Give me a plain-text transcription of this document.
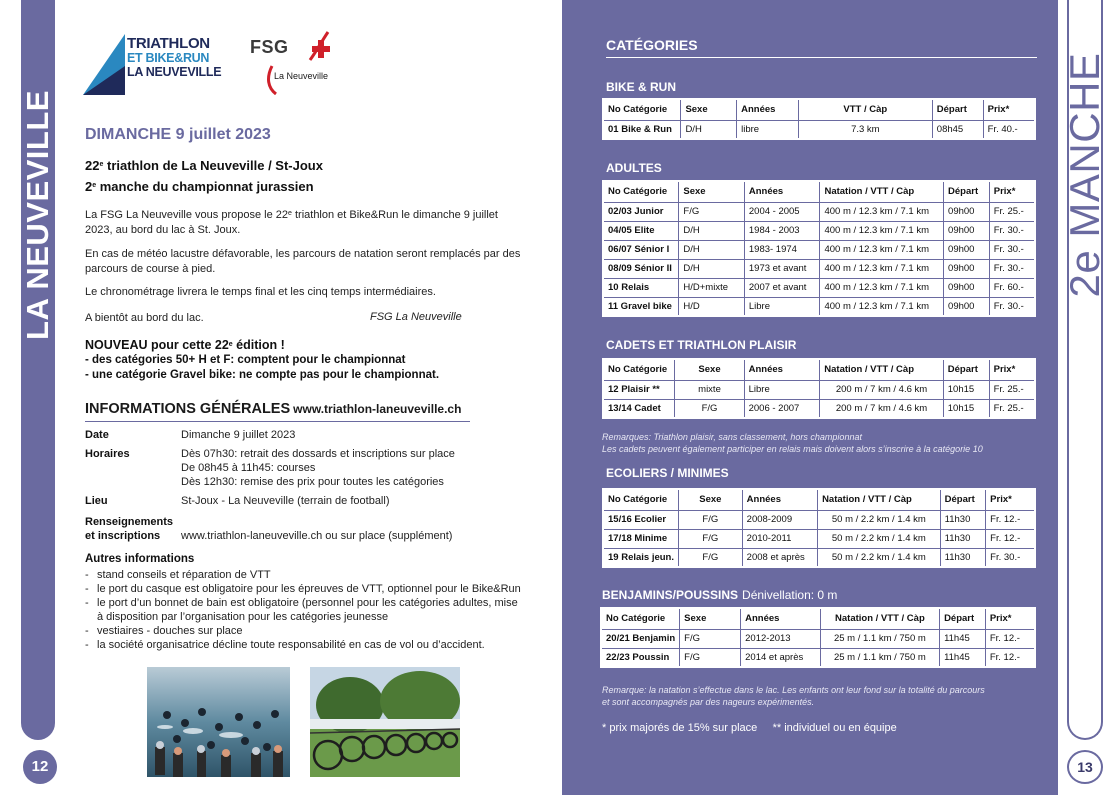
LA NEUVEVILLE
12
TRIATHLON
ET BIKE&RUN
LA NEUVEVILLE
FSG
La Neuveville
DIMANCHE 9 juillet 2023
22e triathlon de La Neuveville / St-Joux
2e manche du championnat jurassien
La FSG La Neuveville vous propose le 22e triathlon et Bike&Run le dimanche 9 juillet 2023, au bord du lac à St. Joux.
En cas de météo lacustre défavorable, les parcours de natation seront remplacés par des parcours de course à pied.
Le chronométrage livrera le temps final et les cinq temps intermédiaires.
A bientôt au bord du lac.	FSG La Neuveville
NOUVEAU pour cette 22e édition !
- des catégories 50+ H et F: comptent pour le championnat
- une catégorie Gravel bike: ne compte pas pour le championnat.
INFORMATIONS GÉNÉRALES www.triathlon-laneuveville.ch
Date	Dimanche 9 juillet 2023
Horaires	Dès 07h30: retrait des dossards et inscriptions sur place
De 08h45 à 11h45: courses
Dès 12h30: remise des prix pour toutes les catégories
Lieu	St-Joux - La Neuveville (terrain de football)
Renseignements
et inscriptions	www.triathlon-laneuveville.ch ou sur place (supplément)
Autres informations
- stand conseils et réparation de VTT
- le port du casque est obligatoire pour les épreuves de VTT, optionnel pour le Bike&Run
- le port d’un bonnet de bain est obligatoire (personnel pour les catégories adultes, mise à disposition par l’organisation pour les catégories jeunesse
- vestiaires - douches sur place
- la société organisatrice décline toute responsabilité en cas de vol ou d’accident.
2e MANCHE
13
CATÉGORIES
BIKE & RUN
No Catégorie	Sexe	Années	VTT / Càp	Départ	Prix*
01 Bike & Run	D/H	libre	7.3 km	08h45	Fr. 40.-
ADULTES
No Catégorie	Sexe	Années	Natation / VTT / Càp	Départ	Prix*
02/03 Junior	F/G	2004 - 2005	400 m / 12.3 km / 7.1 km	09h00	Fr. 25.-
04/05 Elite	D/H	1984 - 2003	400 m / 12.3 km / 7.1 km	09h00	Fr. 30.-
06/07 Sénior I	D/H	1983- 1974	400 m / 12.3 km / 7.1 km	09h00	Fr. 30.-
08/09 Sénior II	D/H	1973 et avant	400 m / 12.3 km / 7.1 km	09h00	Fr. 30.-
10 Relais	H/D+mixte	2007 et avant	400 m / 12.3 km / 7.1 km	09h00	Fr. 60.-
11 Gravel bike	H/D	Libre	400 m / 12.3 km / 7.1 km	09h00	Fr. 30.-
CADETS ET TRIATHLON PLAISIR
No Catégorie	Sexe	Années	Natation / VTT / Càp	Départ	Prix*
12 Plaisir **	mixte	Libre	200 m / 7 km / 4.6 km	10h15	Fr. 25.-
13/14 Cadet	F/G	2006 - 2007	200 m / 7 km / 4.6 km	10h15	Fr. 25.-
Remarques: Triathlon plaisir, sans classement, hors championnat
Les cadets peuvent également participer en relais mais doivent alors s’inscrire à la catégorie 10
ECOLIERS / MINIMES
No Catégorie	Sexe	Années	Natation / VTT / Càp	Départ	Prix*
15/16 Ecolier	F/G	2008-2009	50 m / 2.2 km / 1.4 km	11h30	Fr. 12.-
17/18 Minime	F/G	2010-2011	50 m / 2.2 km / 1.4 km	11h30	Fr. 12.-
19 Relais jeun.	F/G	2008 et après	50 m / 2.2 km / 1.4 km	11h30	Fr. 30.-
BENJAMINS/POUSSINS Dénivellation: 0 m
No Catégorie	Sexe	Années	Natation / VTT / Càp	Départ	Prix*
20/21 Benjamin	F/G	2012-2013	25 m / 1.1 km / 750 m	11h45	Fr. 12.-
22/23 Poussin	F/G	2014 et après	25 m / 1.1 km / 750 m	11h45	Fr. 12.-
Remarque: la natation s’effectue dans le lac. Les enfants ont leur fond sur la totalité du parcours
et sont accompagnés par des nageurs expérimentés.
* prix majorés de 15% sur place     ** individuel ou en équipe
